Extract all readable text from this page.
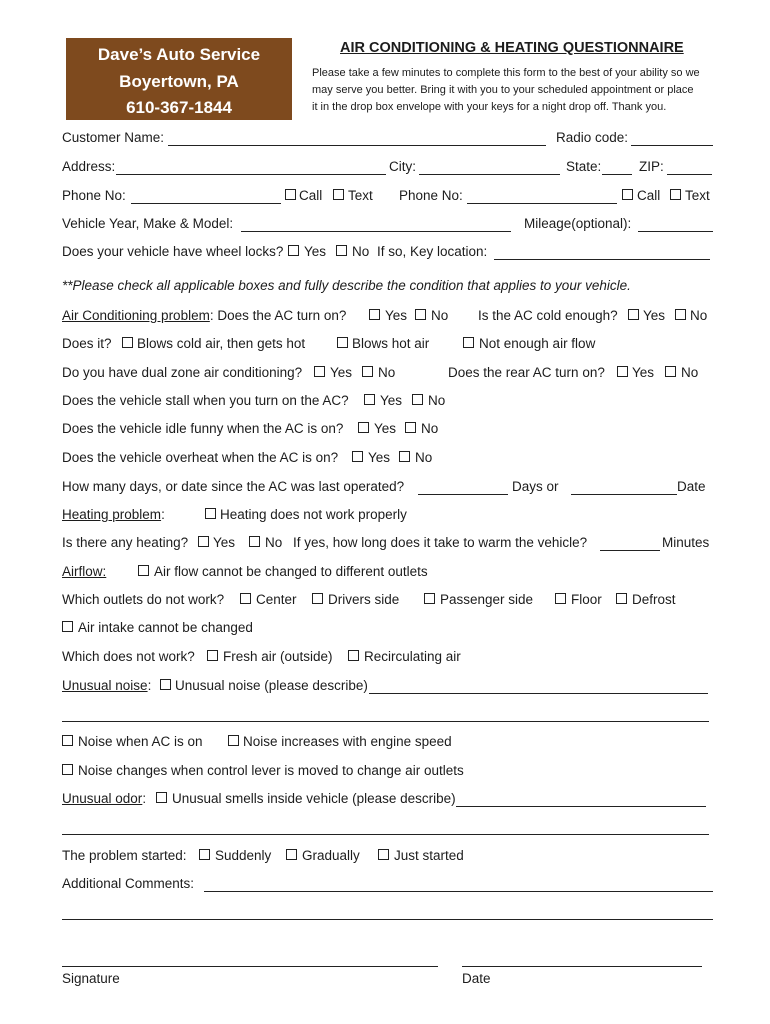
Dave’s Auto Service
Boyertown, PA
610-367-1844
AIR CONDITIONING & HEATING QUESTIONNAIRE
Please take a few minutes to complete this form to the best of your ability so we
may serve you better. Bring it with you to your scheduled appointment or place
it in the drop box envelope with your keys for a night drop off. Thank you.
Customer Name:	Radio code:
Address:	City:	State:	ZIP:
Phone No:	Call Text Phone No:	Call Text
Vehicle Year, Make & Model:	Mileage(optional):
Does your vehicle have wheel locks? Yes No If so, Key location:
**Please check all applicable boxes and fully describe the condition that applies to your vehicle.
Air Conditioning problem: Does the AC turn on?	Yes No Is the AC cold enough? Yes No
Does it? Blows cold air, then gets hot	Blows hot air	Not enough air flow
Do you have dual zone air conditioning? Yes No	Does the rear AC turn on? Yes No
Does the vehicle stall when you turn on the AC? Yes No
Does the vehicle idle funny when the AC is on? Yes No
Does the vehicle overheat when the AC is on? Yes No
How many days, or date since the AC was last operated?	Days or	Date
Heating problem:	Heating does not work properly
Is there any heating? Yes No If yes, how long does it take to warm the vehicle?	Minutes
Airflow:	Air flow cannot be changed to different outlets
Which outlets do not work? Center Drivers side	Passenger side	Floor Defrost
Air intake cannot be changed
Which does not work? Fresh air (outside) Recirculating air
Unusual noise: Unusual noise (please describe)
Noise when AC is on	Noise increases with engine speed
Noise changes when control lever is moved to change air outlets
Unusual odor: Unusual smells inside vehicle (please describe)
The problem started: Suddenly Gradually	Just started
Additional Comments:
Signature	Date
